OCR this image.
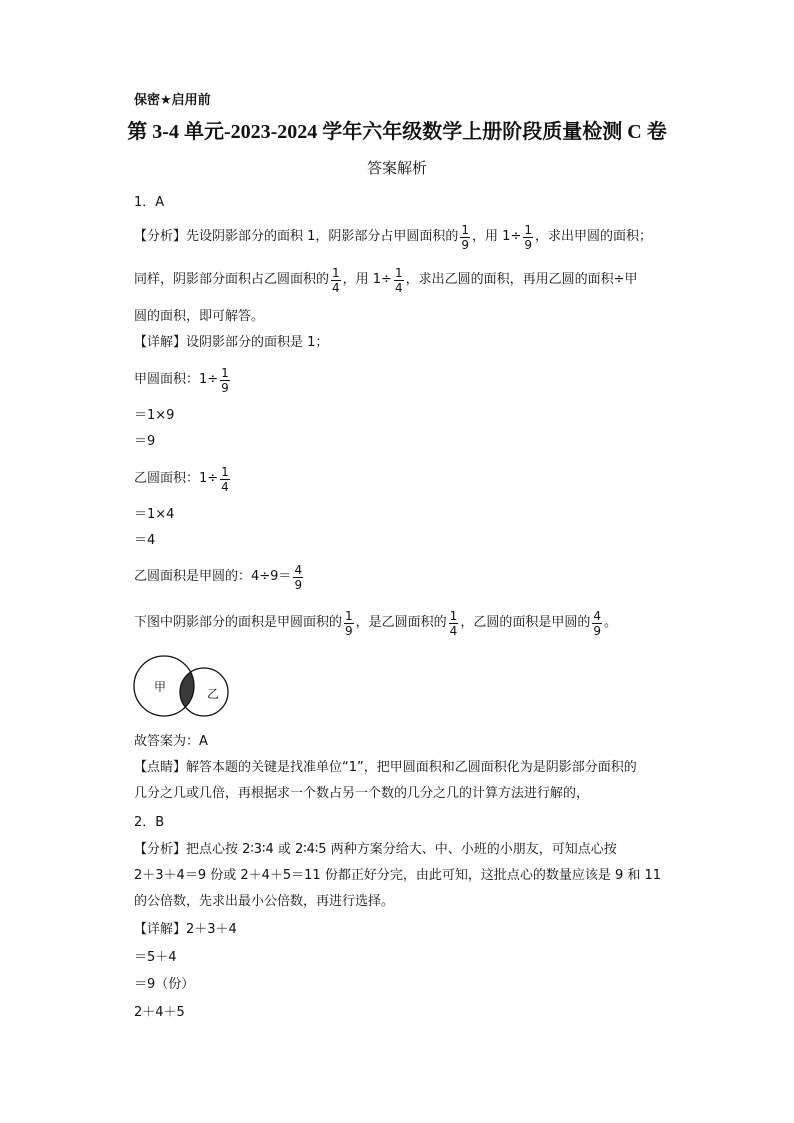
保密★启用前
第 3-4 单元-2023-2024 学年六年级数学上册阶段质量检测 C 卷
答案解析
1．A
【分析】先设阴影部分的面积 1，阴影部分占甲圆面积的 $\frac{1}{9}$ ，用 $1\div \frac{1}{9}$ ，求出甲圆的面积；
同样，阴影部分面积占乙圆面积的 $\frac{1}{4}$ ，用 $1\div \frac{1}{4}$ ，求出乙圆的面积，再用乙圆的面积÷甲
圆的面积，即可解答。
【详解】设阴影部分的面积是 1；
甲圆面积：$1\div \frac{1}{9}$
＝1×9
＝9
乙圆面积：$1\div \frac{1}{4}$
＝1×4
＝4
乙圆面积是甲圆的：$4\div 9= \frac{4}{9}$
下图中阴影部分的面积是甲圆面积的 $\frac{1}{9}$ ，是乙圆面积的 $\frac{1}{4}$ ，乙圆的面积是甲圆的 $\frac{4}{9}$ 。
甲	乙
故答案为：A
【点睛】解答本题的关键是找准单位“1”，把甲圆面积和乙圆面积化为是阴影部分面积的
几分之几或几倍，再根据求一个数占另一个数的几分之几的计算方法进行解的，
2．B
【分析】把点心按 2∶3∶4 或 2∶4∶5 两种方案分给大、中、小班的小朋友，可知点心按
2＋3＋4＝9 份或 2＋4＋5＝11 份都正好分完，由此可知，这批点心的数量应该是 9 和 11
的公倍数，先求出最小公倍数，再进行选择。
【详解】2＋3＋4
＝5＋4
＝9（份）
2＋4＋5
